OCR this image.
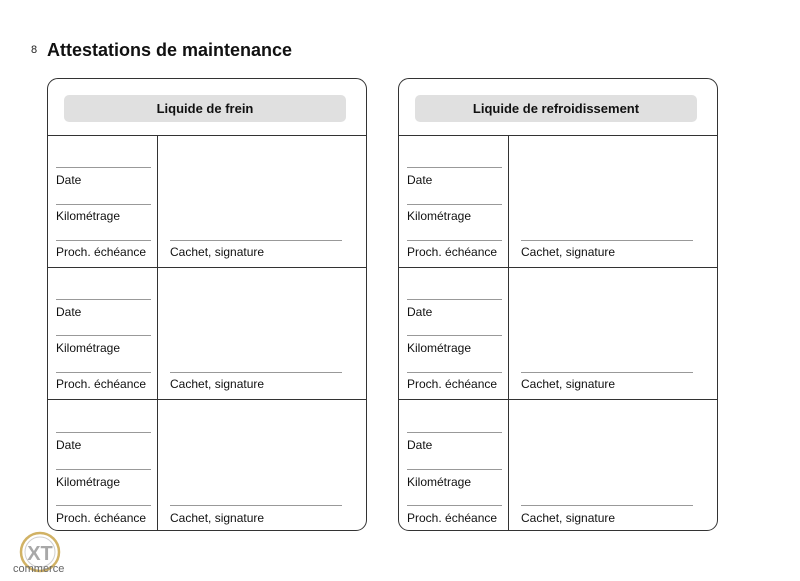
8 Attestations de maintenance
Liquide de frein
Date
Kilométrage
Proch. échéance Cachet, signature
Date
Kilométrage
Proch. échéance Cachet, signature
Date
Kilométrage
Proch. échéance Cachet, signature
Liquide de refroidissement
Date
Kilométrage
Proch. échéance Cachet, signature
Date
Kilométrage
Proch. échéance Cachet, signature
Date
Kilométrage
Proch. échéance Cachet, signature
XT
commerce
